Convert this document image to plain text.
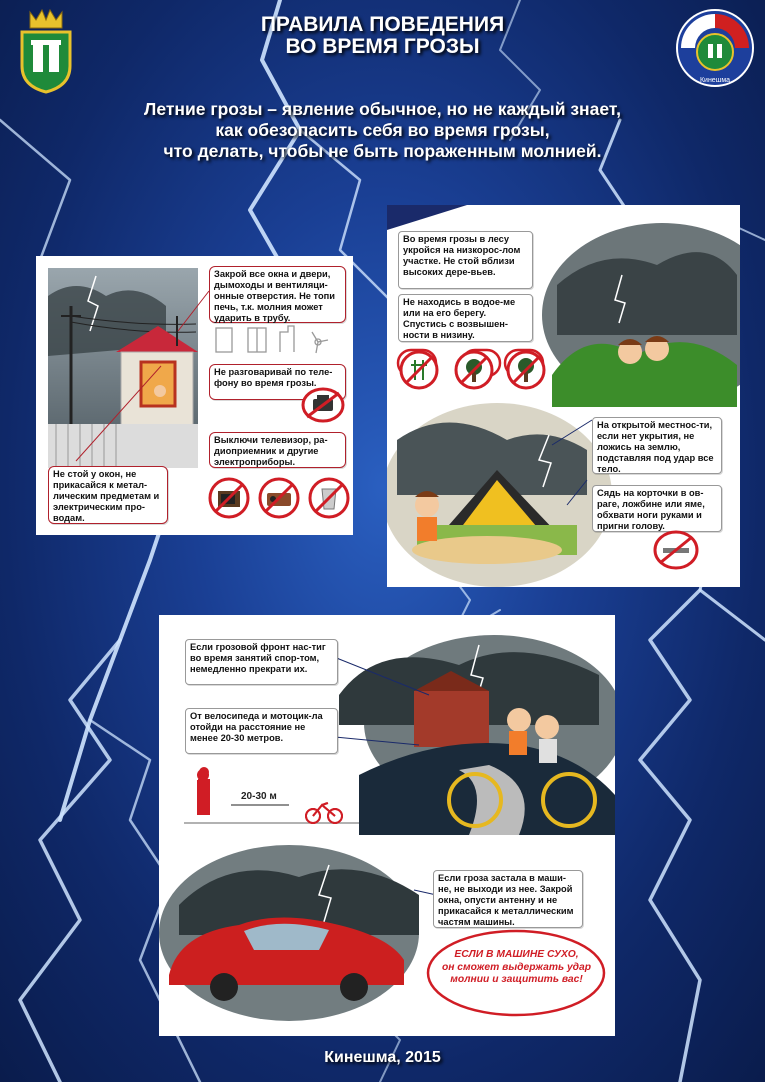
Кинешма
ПРАВИЛА ПОВЕДЕНИЯ
ВО ВРЕМЯ ГРОЗЫ
Летние грозы – явление обычное, но не каждый знает,
как обезопасить себя во время грозы,
что делать, чтобы не быть пораженным молнией.
Закрой все окна и двери, дымоходы и вентиляци-онные отверстия. Не топи печь, т.к. молния может ударить в трубу.
Не разговаривай по теле-фону во время грозы.
Выключи телевизор, ра-диоприемник и другие электроприборы.
Не стой у окон, не прикасайся к метал-лическим предметам и электрическим про-водам.
Во время грозы в лесу укройся на низкорос-лом участке. Не стой вблизи высоких дере-вьев.
Не находись в водое-ме или на его берегу. Спустись с возвышен-ности в низину.
На открытой местнос-ти, если нет укрытия, не ложись на землю, подставляя под удар все тело.
Сядь на корточки в ов-раге, ложбине или яме, обхвати ноги руками и пригни голову.
Если грозовой фронт нас-тиг во время занятий спор-том, немедленно прекрати их.
От велосипеда и мотоцик-ла отойди на расстояние не менее 20-30 метров.
20-30 м
Если гроза застала в маши-не, не выходи из нее. Закрой окна, опусти антенну и не прикасайся к металлическим частям машины.
ЕСЛИ В МАШИНЕ СУХО,
он сможет выдержать удар
молнии и защитить вас!
Кинешма, 2015
